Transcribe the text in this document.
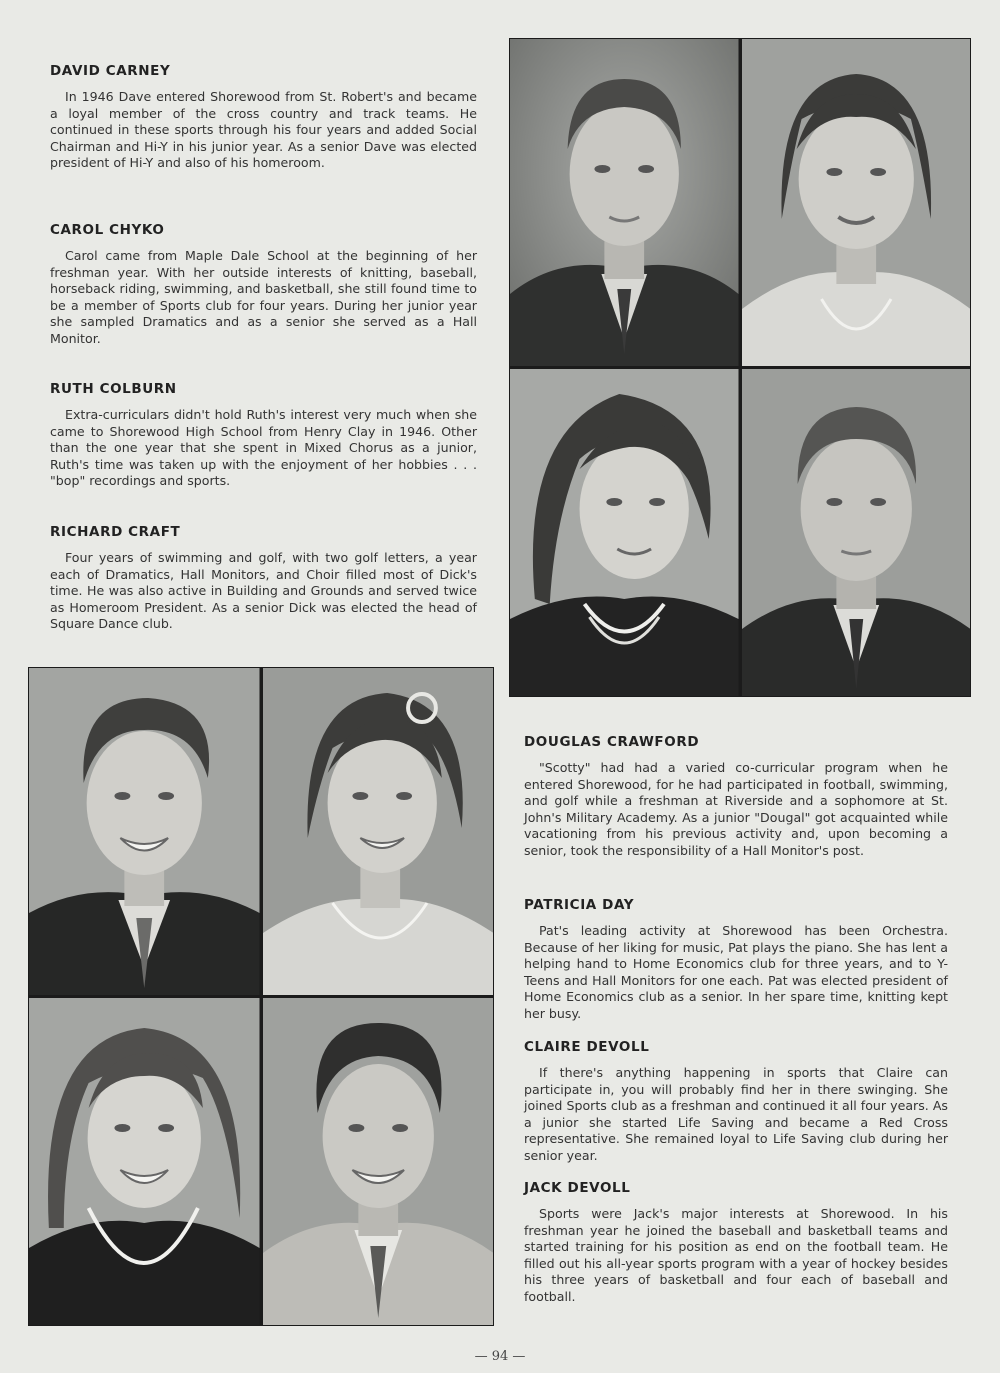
DAVID CARNEY

In 1946 Dave entered Shorewood from St. Robert's and became a loyal member of the cross country and track teams. He continued in these sports through his four years and added Social Chairman and Hi-Y in his junior year. As a senior Dave was elected president of Hi-Y and also of his homeroom.

CAROL CHYKO

Carol came from Maple Dale School at the beginning of her freshman year. With her outside interests of knitting, baseball, horseback riding, swimming, and basketball, she still found time to be a member of Sports club for four years. During her junior year she sampled Dramatics and as a senior she served as a Hall Monitor.

RUTH COLBURN

Extra-curriculars didn't hold Ruth's interest very much when she came to Shorewood High School from Henry Clay in 1946. Other than the one year that she spent in Mixed Chorus as a junior, Ruth's time was taken up with the enjoyment of her hobbies . . . "bop" recordings and sports.

RICHARD CRAFT

Four years of swimming and golf, with two golf letters, a year each of Dramatics, Hall Monitors, and Choir filled most of Dick's time. He was also active in Building and Grounds and served twice as Homeroom President. As a senior Dick was elected the head of Square Dance club.

DOUGLAS CRAWFORD

"Scotty" had had a varied co-curricular program when he entered Shorewood, for he had participated in football, swimming, and golf while a freshman at Riverside and a sophomore at St. John's Military Academy. As a junior "Dougal" got acquainted while vacationing from his previous activity and, upon becoming a senior, took the responsibility of a Hall Monitor's post.

PATRICIA DAY

Pat's leading activity at Shorewood has been Orchestra. Because of her liking for music, Pat plays the piano. She has lent a helping hand to Home Economics club for three years, and to Y-Teens and Hall Monitors for one each. Pat was elected president of Home Economics club as a senior. In her spare time, knitting kept her busy.

CLAIRE DEVOLL

If there's anything happening in sports that Claire can participate in, you will probably find her in there swinging. She joined Sports club as a freshman and continued it all four years. As a junior she started Life Saving and became a Red Cross representative. She remained loyal to Life Saving club during her senior year.

JACK DEVOLL

Sports were Jack's major interests at Shorewood. In his freshman year he joined the baseball and basketball teams and started training for his position as end on the football team. He filled out his all-year sports program with a year of hockey besides his three years of basketball and four each of baseball and football.

— 94 —
